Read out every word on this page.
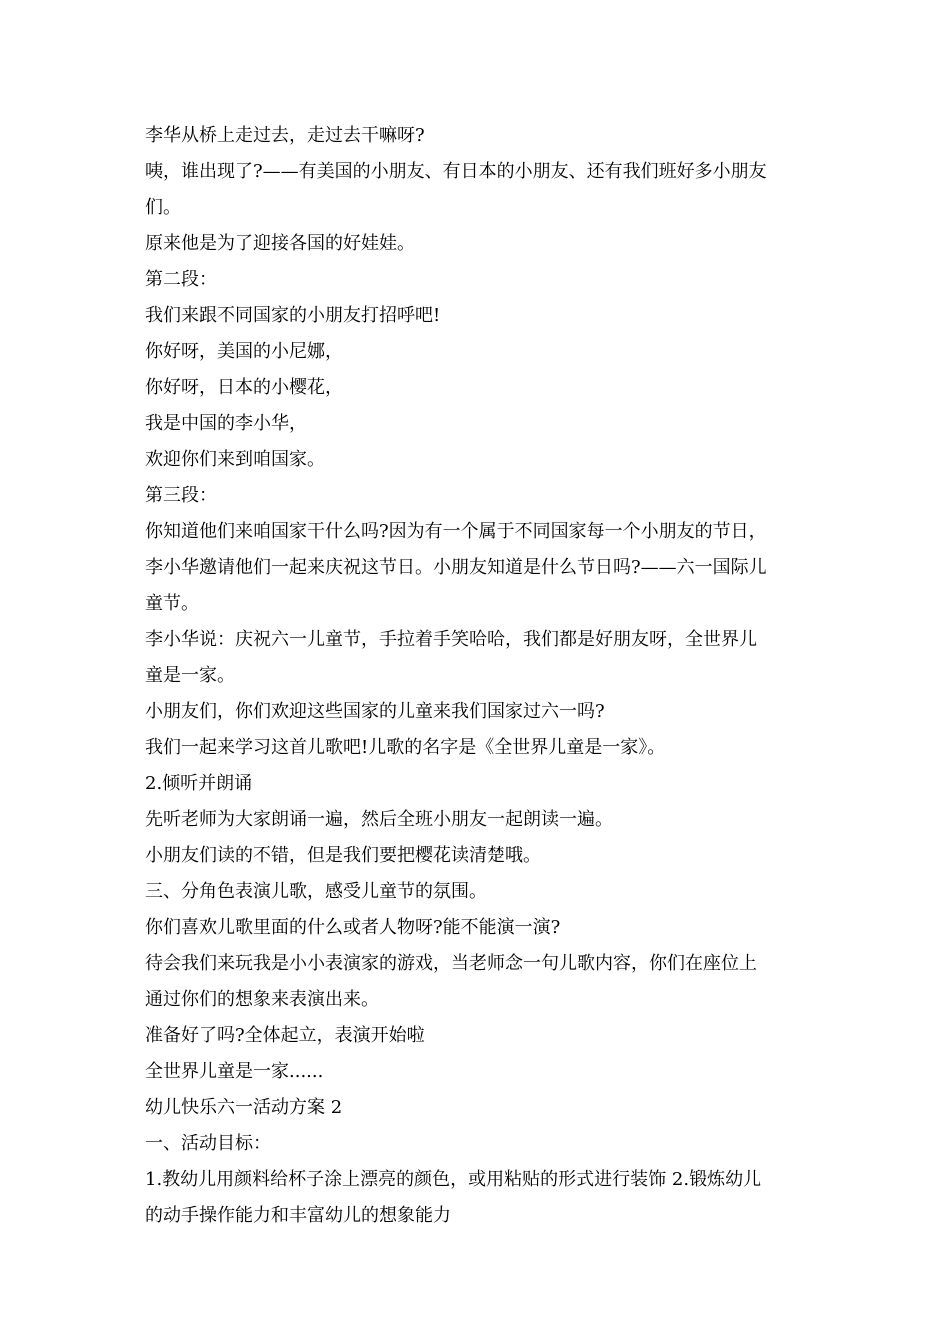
李华从桥上走过去，走过去干嘛呀?
咦，谁出现了?——有美国的小朋友、有日本的小朋友、还有我们班好多小朋友
们。
原来他是为了迎接各国的好娃娃。
第二段：
我们来跟不同国家的小朋友打招呼吧!
你好呀，美国的小尼娜，
你好呀，日本的小樱花，
我是中国的李小华，
欢迎你们来到咱国家。
第三段：
你知道他们来咱国家干什么吗?因为有一个属于不同国家每一个小朋友的节日，
李小华邀请他们一起来庆祝这节日。小朋友知道是什么节日吗?——六一国际儿
童节。
李小华说：庆祝六一儿童节，手拉着手笑哈哈，我们都是好朋友呀，全世界儿
童是一家。
小朋友们，你们欢迎这些国家的儿童来我们国家过六一吗?
我们一起来学习这首儿歌吧!儿歌的名字是《全世界儿童是一家》。
2.倾听并朗诵
先听老师为大家朗诵一遍，然后全班小朋友一起朗读一遍。
小朋友们读的不错，但是我们要把樱花读清楚哦。
三、分角色表演儿歌，感受儿童节的氛围。
你们喜欢儿歌里面的什么或者人物呀?能不能演一演?
待会我们来玩我是小小表演家的游戏，当老师念一句儿歌内容，你们在座位上
通过你们的想象来表演出来。
准备好了吗?全体起立，表演开始啦
全世界儿童是一家......
幼儿快乐六一活动方案 2
一、活动目标：
1.教幼儿用颜料给杯子涂上漂亮的颜色，或用粘贴的形式进行装饰 2.锻炼幼儿
的动手操作能力和丰富幼儿的想象能力
